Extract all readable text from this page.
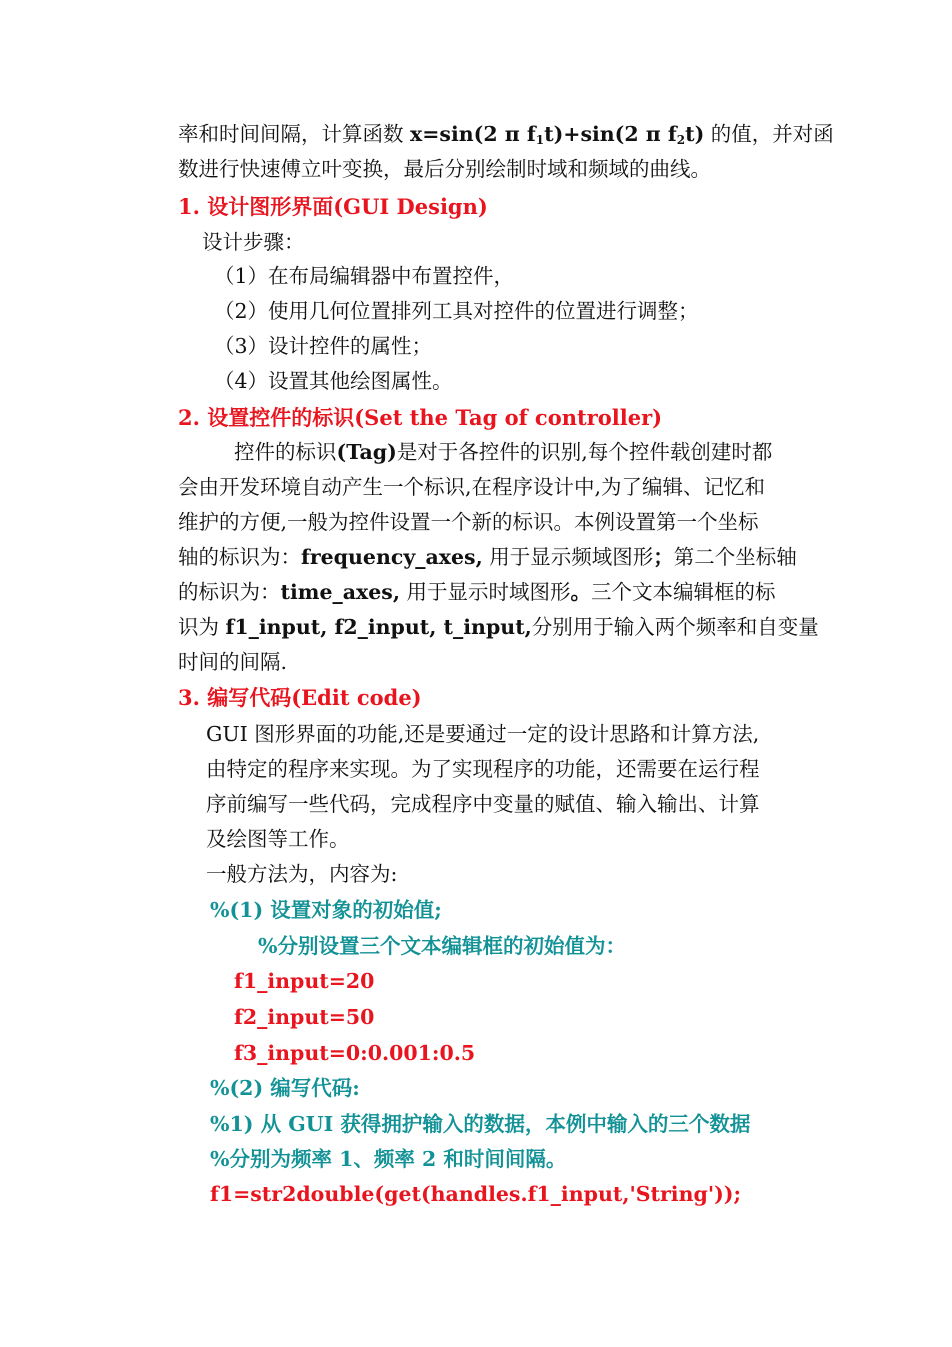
率和时间间隔，计算函数 x=sin(2 π $f_1t)+\sin(2$ π $f_2t$) 的值，并对函
数进行快速傅立叶变换，最后分别绘制时域和频域的曲线。
1. 设计图形界面(GUI Design)
设计步骤：
（1）在布局编辑器中布置控件，
（2）使用几何位置排列工具对控件的位置进行调整；
（3）设计控件的属性；
（4）设置其他绘图属性。
2. 设置控件的标识(Set the Tag of controller)
控件的标识(Tag)是对于各控件的识别,每个控件载创建时都
会由开发环境自动产生一个标识,在程序设计中,为了编辑、记忆和
维护的方便,一般为控件设置一个新的标识。本例设置第一个坐标
轴的标识为：frequency_axes, 用于显示频域图形；第二个坐标轴
的标识为：time_axes, 用于显示时域图形。三个文本编辑框的标
识为 f1_input, f2_input, t_input,分别用于输入两个频率和自变量
时间的间隔.
3. 编写代码(Edit code)
GUI 图形界面的功能,还是要通过一定的设计思路和计算方法,
由特定的程序来实现。为了实现程序的功能，还需要在运行程
序前编写一些代码，完成程序中变量的赋值、输入输出、计算
及绘图等工作。
一般方法为，内容为:
%(1) 设置对象的初始值;
%分别设置三个文本编辑框的初始值为：
f1_input=20
f2_input=50
f3_input=0:0.001:0.5
%(2) 编写代码:
%1) 从 GUI 获得拥护输入的数据，本例中输入的三个数据
%分别为频率 1、频率 2 和时间间隔。
f1=str2double(get(handles.f1_input,'String'));
